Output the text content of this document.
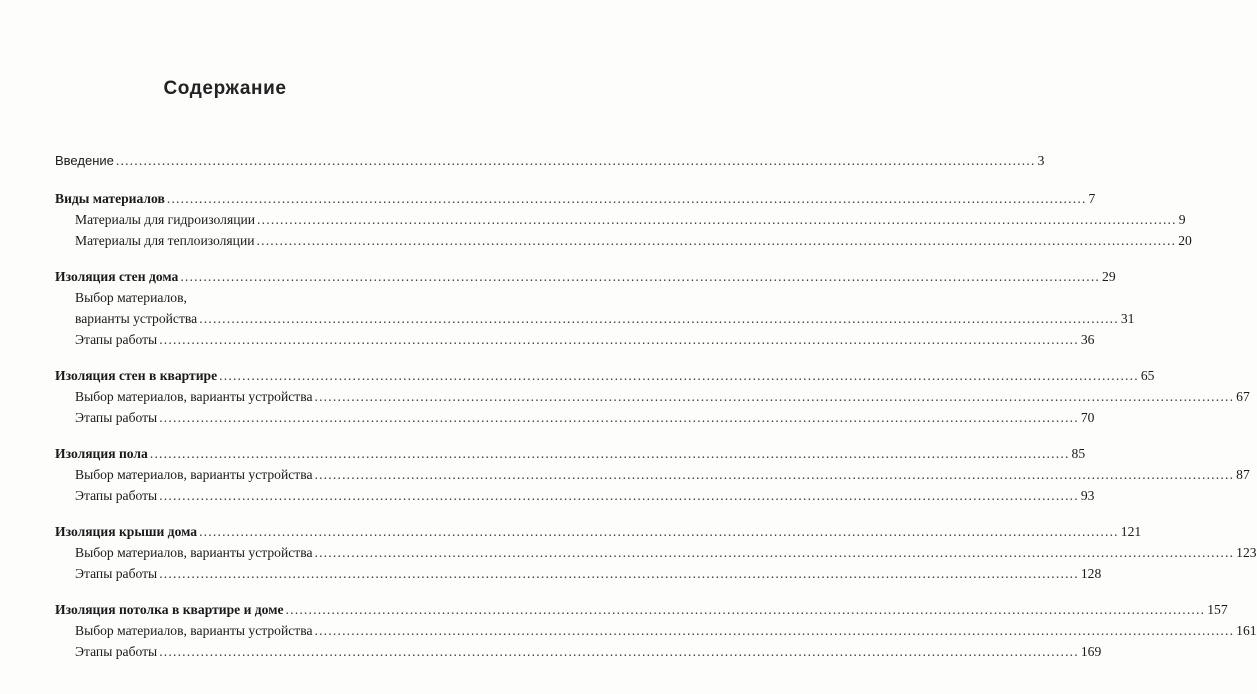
Содержание
Введение ........................................................................................................................................................................................................ 3
Виды материалов ........................................................................................................................................................................................................ 7
Материалы для гидроизоляции ........................................................................................................................................................................................................ 9
Материалы для теплоизоляции ........................................................................................................................................................................................................ 20
Изоляция стен дома ........................................................................................................................................................................................................ 29
Выбор материалов,
варианты устройства ........................................................................................................................................................................................................ 31
Этапы работы ........................................................................................................................................................................................................ 36
Изоляция стен в квартире ........................................................................................................................................................................................................ 65
Выбор материалов, варианты устройства ........................................................................................................................................................................................................ 67
Этапы работы ........................................................................................................................................................................................................ 70
Изоляция пола ........................................................................................................................................................................................................ 85
Выбор материалов, варианты устройства ........................................................................................................................................................................................................ 87
Этапы работы ........................................................................................................................................................................................................ 93
Изоляция крыши дома ........................................................................................................................................................................................................ 121
Выбор материалов, варианты устройства ........................................................................................................................................................................................................ 123
Этапы работы ........................................................................................................................................................................................................ 128
Изоляция потолка в квартире и доме ........................................................................................................................................................................................................ 157
Выбор материалов, варианты устройства ........................................................................................................................................................................................................ 161
Этапы работы ........................................................................................................................................................................................................ 169
